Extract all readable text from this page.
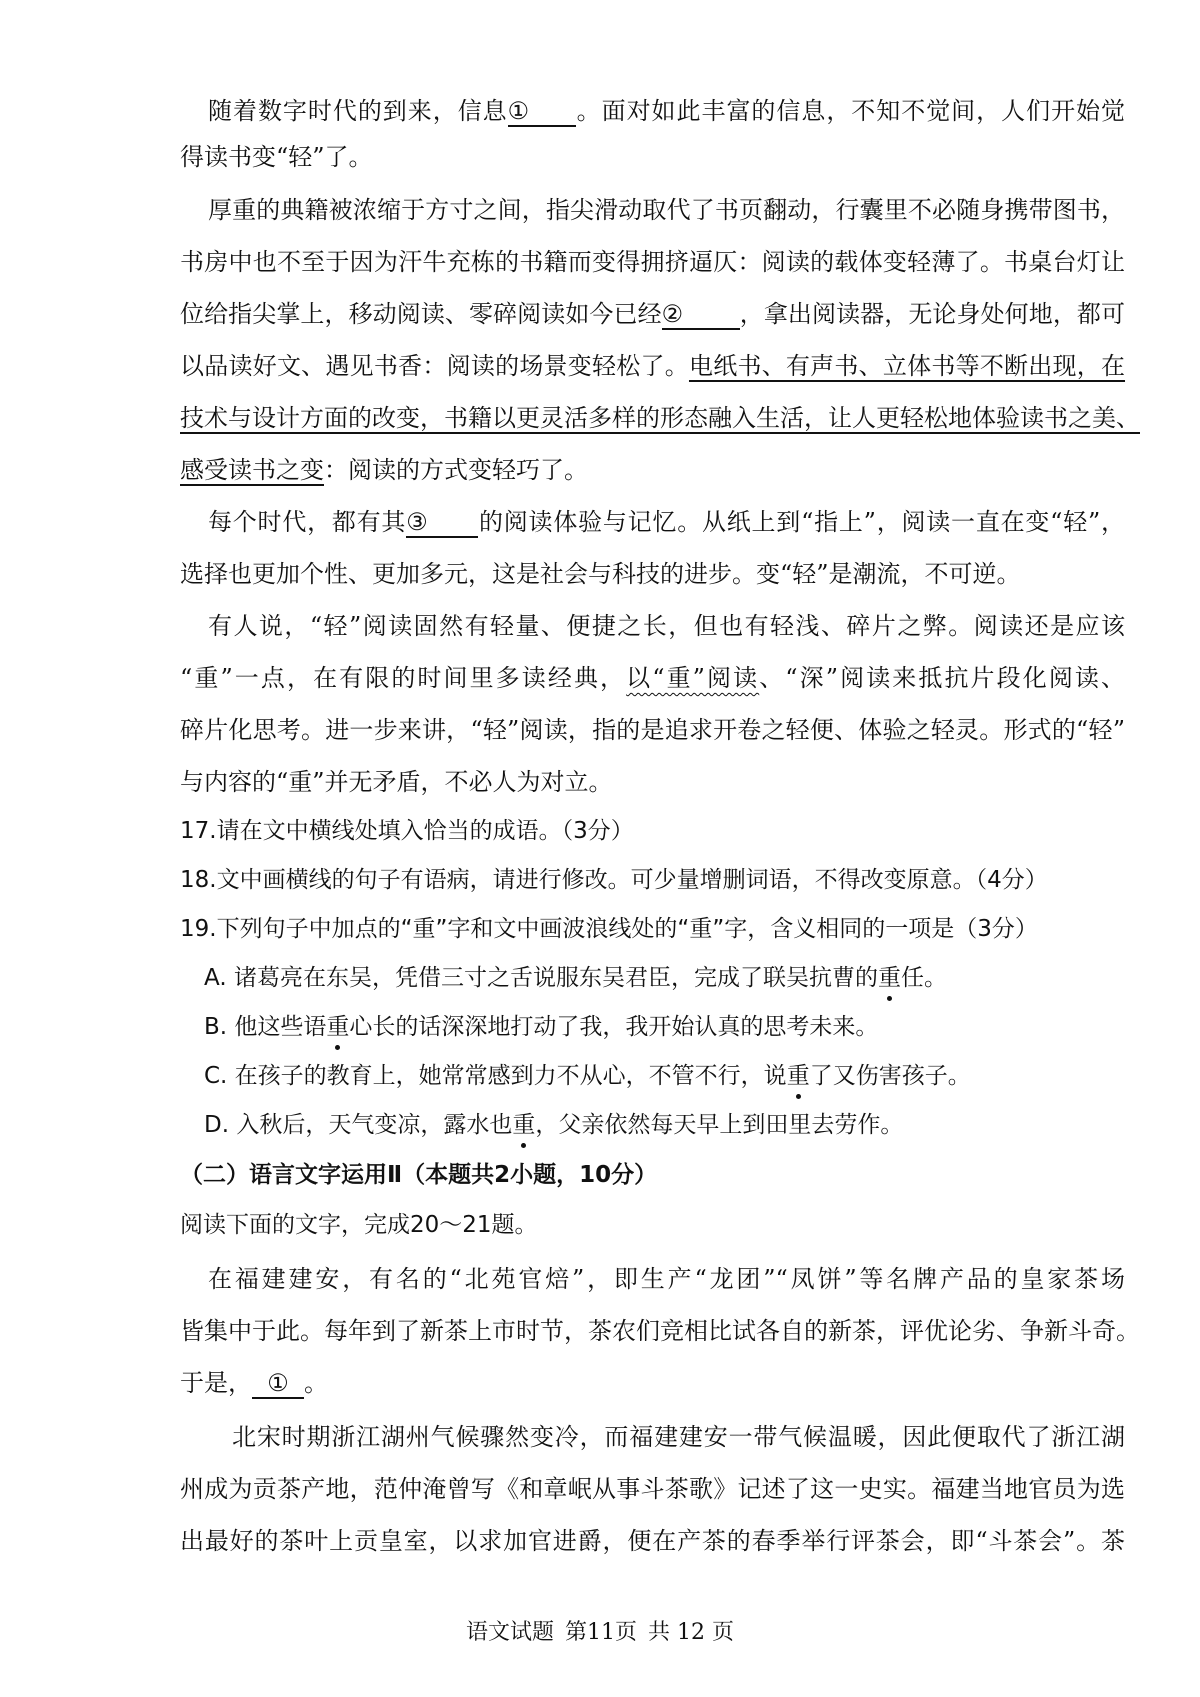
随着数字时代的到来，信息① 。面对如此丰富的信息，不知不觉间，人们开始觉
得读书变“轻”了。
厚重的典籍被浓缩于方寸之间，指尖滑动取代了书页翻动，行囊里不必随身携带图书，
书房中也不至于因为汗牛充栋的书籍而变得拥挤逼仄：阅读的载体变轻薄了。书桌台灯让
位给指尖掌上，移动阅读、零碎阅读如今已经② ，拿出阅读器，无论身处何地，都可
以品读好文、遇见书香：阅读的场景变轻松了。电纸书、有声书、立体书等不断出现，在
技术与设计方面的改变，书籍以更灵活多样的形态融入生活，让人更轻松地体验读书之美、
感受读书之变：阅读的方式变轻巧了。
每个时代，都有其③ 的阅读体验与记忆。从纸上到“指上”，阅读一直在变“轻”，
选择也更加个性、更加多元，这是社会与科技的进步。变“轻”是潮流，不可逆。
有人说，“轻”阅读固然有轻量、便捷之长，但也有轻浅、碎片之弊。阅读还是应该
“重”一点，在有限的时间里多读经典，以“重”阅读、“深”阅读来抵抗片段化阅读、
碎片化思考。进一步来讲，“轻”阅读，指的是追求开卷之轻便、体验之轻灵。形式的“轻”
与内容的“重”并无矛盾，不必人为对立。
17.请在文中横线处填入恰当的成语。（3分）
18.文中画横线的句子有语病，请进行修改。可少量增删词语，不得改变原意。（4分）
19.下列句子中加点的“重”字和文中画波浪线处的“重”字，含义相同的一项是（3分）
A. 诸葛亮在东吴，凭借三寸之舌说服东吴君臣，完成了联吴抗曹的重任。
B. 他这些语重心长的话深深地打动了我，我开始认真的思考未来。
C. 在孩子的教育上，她常常感到力不从心，不管不行，说重了又伤害孩子。
D. 入秋后，天气变凉，露水也重，父亲依然每天早上到田里去劳作。
（二）语言文字运用Ⅱ（本题共2小题，10分）
阅读下面的文字，完成20～21题。
在福建建安，有名的“北苑官焙”，即生产“龙团”“凤饼”等名牌产品的皇家茶场
皆集中于此。每年到了新茶上市时节，茶农们竞相比试各自的新茶，评优论劣、争新斗奇。
于是， ① 。
北宋时期浙江湖州气候骤然变冷，而福建建安一带气候温暖，因此便取代了浙江湖
州成为贡茶产地，范仲淹曾写《和章岷从事斗茶歌》记述了这一史实。福建当地官员为选
出最好的茶叶上贡皇室，以求加官进爵，便在产茶的春季举行评茶会，即“斗茶会”。茶
语文试题 第11页 共 12 页
